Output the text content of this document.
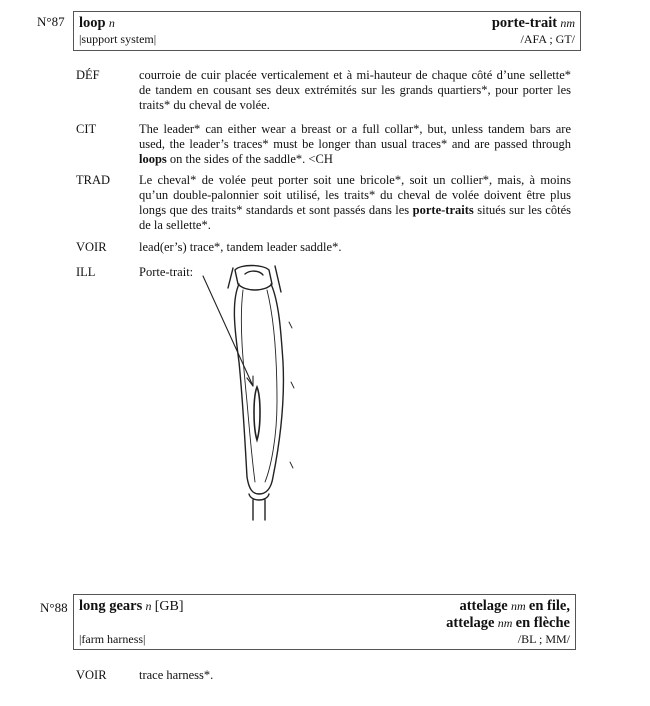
N°87 loop n	porte-trait nm
|support system|	/AFA ; GT/
DÉF	courroie de cuir placée verticalement et à mi-hauteur de chaque côté d’une sellette* de tandem en cousant ses deux extrémités sur les grands quartiers*, pour porter les traits* du cheval de volée.
CIT	The leader* can either wear a breast or a full collar*, but, unless tandem bars are used, the leader’s traces* must be longer than usual traces* and are passed through loops on the sides of the saddle*. <CH
TRAD Le cheval* de volée peut porter soit une bricole*, soit un collier*, mais, à moins qu’un double-palonnier soit utilisé, les traits* du cheval de volée doivent être plus longs que des traits* standards et sont passés dans les porte-traits situés sur les côtés de la sellette*.
VOIR	lead(er’s) trace*, tandem leader saddle*.
ILL	Porte-trait:
N°88 long gears n [GB]	attelage nm en file,
attelage nm en flèche
|farm harness|	/BL ; MM/
VOIR	trace harness*.
